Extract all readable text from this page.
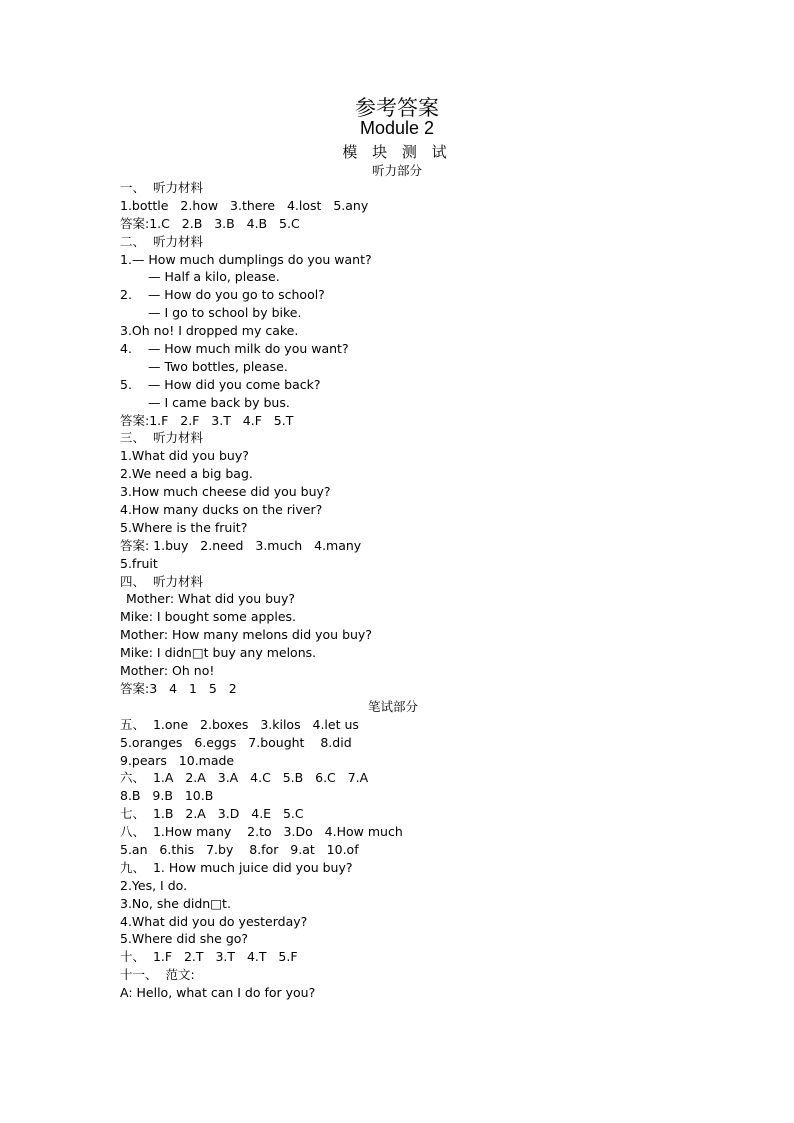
参考答案
Module 2
模 块 测 试
听力部分
一、  听力材料
1.bottle   2.how   3.there   4.lost   5.any
答案:1.C   2.B   3.B   4.B   5.C
二、  听力材料
1.— How much dumplings do you want?
— Half a kilo, please.
2.    — How do you go to school?
— I go to school by bike.
3.Oh no! I dropped my cake.
4.    — How much milk do you want?
— Two bottles, please.
5.    — How did you come back?
— I came back by bus.
答案:1.F   2.F   3.T   4.F   5.T
三、  听力材料
1.What did you buy?
2.We need a big bag.
3.How much cheese did you buy?
4.How many ducks on the river?
5.Where is the fruit?
答案: 1.buy   2.need   3.much   4.many
5.fruit
四、  听力材料
Mother: What did you buy?
Mike: I bought some apples.
Mother: How many melons did you buy?
Mike: I didn□t buy any melons.
Mother: Oh no!
答案:3   4   1   5   2
笔试部分
五、  1.one   2.boxes   3.kilos   4.let us
5.oranges   6.eggs   7.bought    8.did
9.pears   10.made
六、  1.A   2.A   3.A   4.C   5.B   6.C   7.A
8.B   9.B   10.B
七、  1.B   2.A   3.D   4.E   5.C
八、  1.How many    2.to   3.Do   4.How much
5.an   6.this   7.by    8.for   9.at   10.of
九、  1. How much juice did you buy?
2.Yes, I do.
3.No, she didn□t.
4.What did you do yesterday?
5.Where did she go?
十、  1.F   2.T   3.T   4.T   5.F
十一、  范文:
A: Hello, what can I do for you?
